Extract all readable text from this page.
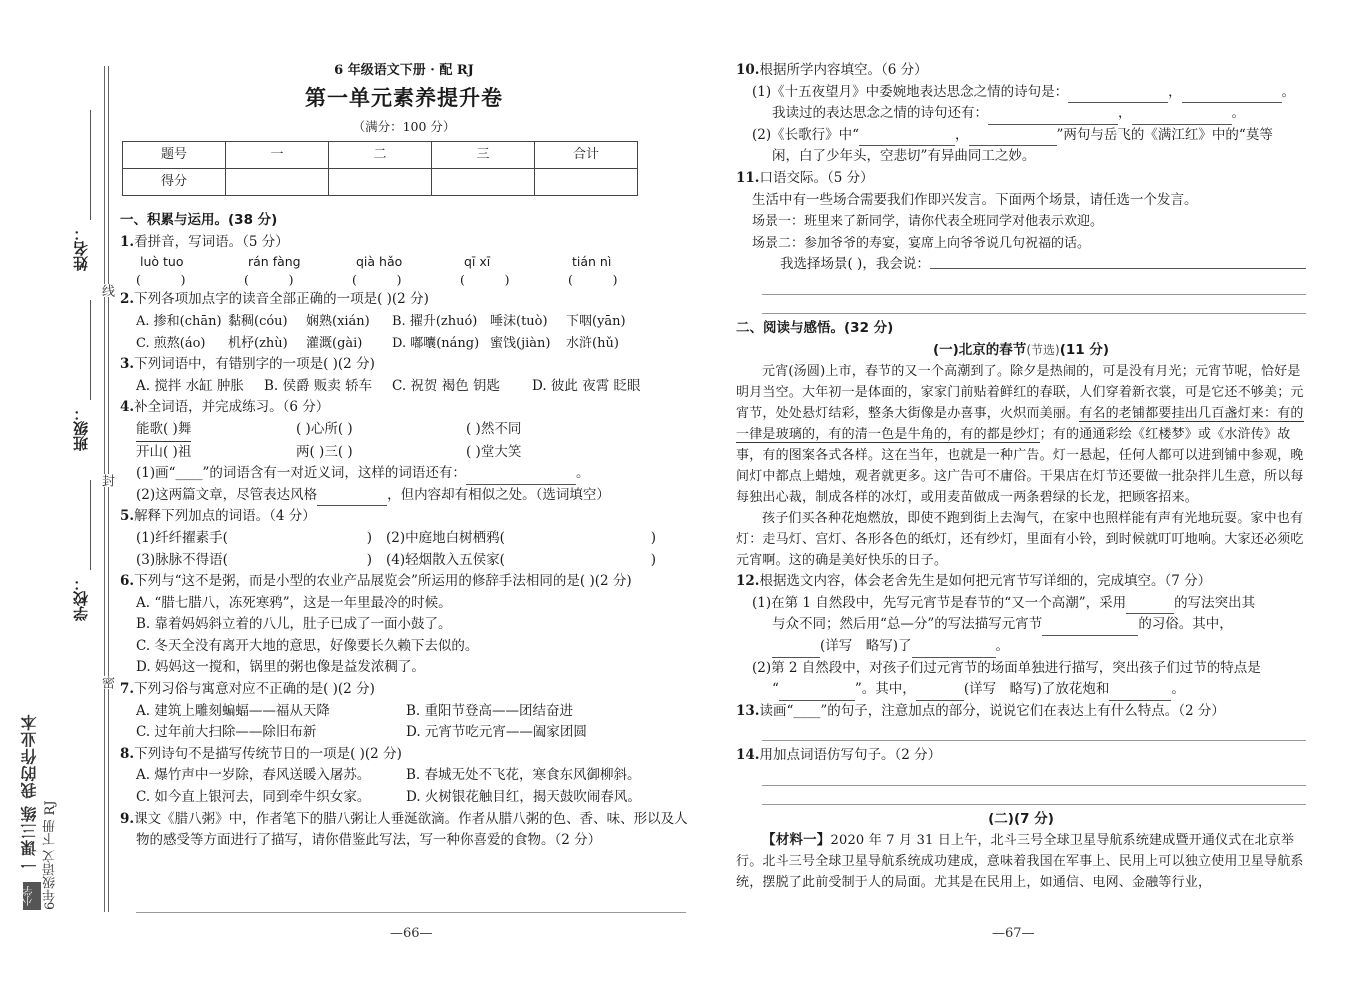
姓名：
班级：
学校：
线
封
密
小学 一课三练 我的作业本 6年级语文 下册 RJ
6 年级语文下册 · 配 RJ
第一单元素养提升卷
（满分：100 分）
题号	一	二	三	合计
得分				
一、积累与运用。(38 分)
1.看拼音，写词语。（5 分）
luò tuo	rán fàng	qià hǎo	qī xī	tián nì
(          )	(          )	(          )	(          )	(          )
2.下列各项加点字的读音全部正确的一项是( )(2 分)
A. 掺和(chān) 黏稠(cóu)	娴熟(xián)	B. 擢升(zhuó) 唾沫(tuò)	下咽(yān)
C. 煎熬(áo)	机杼(zhù)	灌溉(gài)	D. 嘟囔(náng) 蜜饯(jiàn)	水浒(hǔ)
3.下列词语中，有错别字的一项是( )(2 分)
A. 搅拌 水缸 肿胀	B. 侯爵 贩卖 轿车	C. 祝贺 褐色 钥匙	D. 彼此 夜霄 眨眼
4.补全词语，并完成练习。（6 分）
能歌( )舞	( )心所( )	( )然不同
开山( )祖	两( )三( )	( )堂大笑
(1)画“____”的词语含有一对近义词，这样的词语还有：	。
(2)这两篇文章，尽管表达风格	，但内容却有相似之处。（选词填空）
5.解释下列加点的词语。（4 分）
(1)纤纤擢素手(	) (2)中庭地白树栖鸦(	)
(3)脉脉不得语(	) (4)轻烟散入五侯家(	)
6.下列与“这不是粥，而是小型的农业产品展览会”所运用的修辞手法相同的是( )(2 分)
A. “腊七腊八，冻死寒鸦”，这是一年里最冷的时候。
B. 靠着妈妈斜立着的八儿，肚子已成了一面小鼓了。
C. 冬天全没有离开大地的意思，好像要长久赖下去似的。
D. 妈妈这一搅和，锅里的粥也像是益发浓稠了。
7.下列习俗与寓意对应不正确的是( )(2 分)
A. 建筑上雕刻蝙蝠——福从天降	B. 重阳节登高——团结奋进
C. 过年前大扫除——除旧布新	D. 元宵节吃元宵——阖家团圆
8.下列诗句不是描写传统节日的一项是( )(2 分)
A. 爆竹声中一岁除，春风送暖入屠苏。	B. 春城无处不飞花，寒食东风御柳斜。
C. 如今直上银河去，同到牵牛织女家。	D. 火树银花触目红，揭天鼓吹闹春风。
9.课文《腊八粥》中，作者笔下的腊八粥让人垂涎欲滴。作者从腊八粥的色、香、味、形以及人物的感受等方面进行了描写，请你借鉴此写法，写一种你喜爱的食物。（2 分）
—66—
10.根据所学内容填空。（6 分）
(1)《十五夜望月》中委婉地表达思念之情的诗句是：	，	。
我读过的表达思念之情的诗句还有：	，	。
(2)《长歌行》中“	，	”两句与岳飞的《满江红》中的“莫等
闲，白了少年头，空悲切”有异曲同工之妙。
11.口语交际。（5 分）
生活中有一些场合需要我们作即兴发言。下面两个场景，请任选一个发言。
场景一：班里来了新同学，请你代表全班同学对他表示欢迎。
场景二：参加爷爷的寿宴，宴席上向爷爷说几句祝福的话。
我选择场景( )，我会说：
二、阅读与感悟。(32 分)
(一)北京的春节(节选)(11 分)
元宵(汤圆)上市，春节的又一个高潮到了。除夕是热闹的，可是没有月光；元宵节呢，恰好是明月当空。大年初一是体面的，家家门前贴着鲜红的春联，人们穿着新衣裳，可是它还不够美；元宵节，处处悬灯结彩，整条大街像是办喜事，火炽而美丽。有名的老铺都要挂出几百盏灯来：有的一律是玻璃的，有的清一色是牛角的，有的都是纱灯；有的通通彩绘《红楼梦》或《水浒传》故事，有的图案各式各样。这在当年，也就是一种广告。灯一悬起，任何人都可以进到铺中参观，晚间灯中都点上蜡烛，观者就更多。这广告可不庸俗。干果店在灯节还要做一批杂拌儿生意，所以每每独出心裁，制成各样的冰灯，或用麦苗做成一两条碧绿的长龙，把顾客招来。
孩子们买各种花炮燃放，即使不跑到街上去淘气，在家中也照样能有声有光地玩耍。家中也有灯：走马灯、宫灯、各形各色的纸灯，还有纱灯，里面有小铃，到时候就叮叮地响。大家还必须吃元宵啊。这的确是美好快乐的日子。
12.根据选文内容，体会老舍先生是如何把元宵节写详细的，完成填空。（7 分）
(1)在第 1 自然段中，先写元宵节是春节的“又一个高潮”，采用	的写法突出其
与众不同；然后用“总—分”的写法描写元宵节	的习俗。其中，
(详写　略写)了	。
(2)第 2 自然段中，对孩子们过元宵节的场面单独进行描写，突出孩子们过节的特点是
“	”。其中，	(详写　略写)了放花炮和	。
13.读画“____”的句子，注意加点的部分，说说它们在表达上有什么特点。（2 分）
14.用加点词语仿写句子。（2 分）
(二)(7 分)
【材料一】2020 年 7 月 31 日上午，北斗三号全球卫星导航系统建成暨开通仪式在北京举行。北斗三号全球卫星导航系统成功建成，意味着我国在军事上、民用上可以独立使用卫星导航系统，摆脱了此前受制于人的局面。尤其是在民用上，如通信、电网、金融等行业，
—67—
